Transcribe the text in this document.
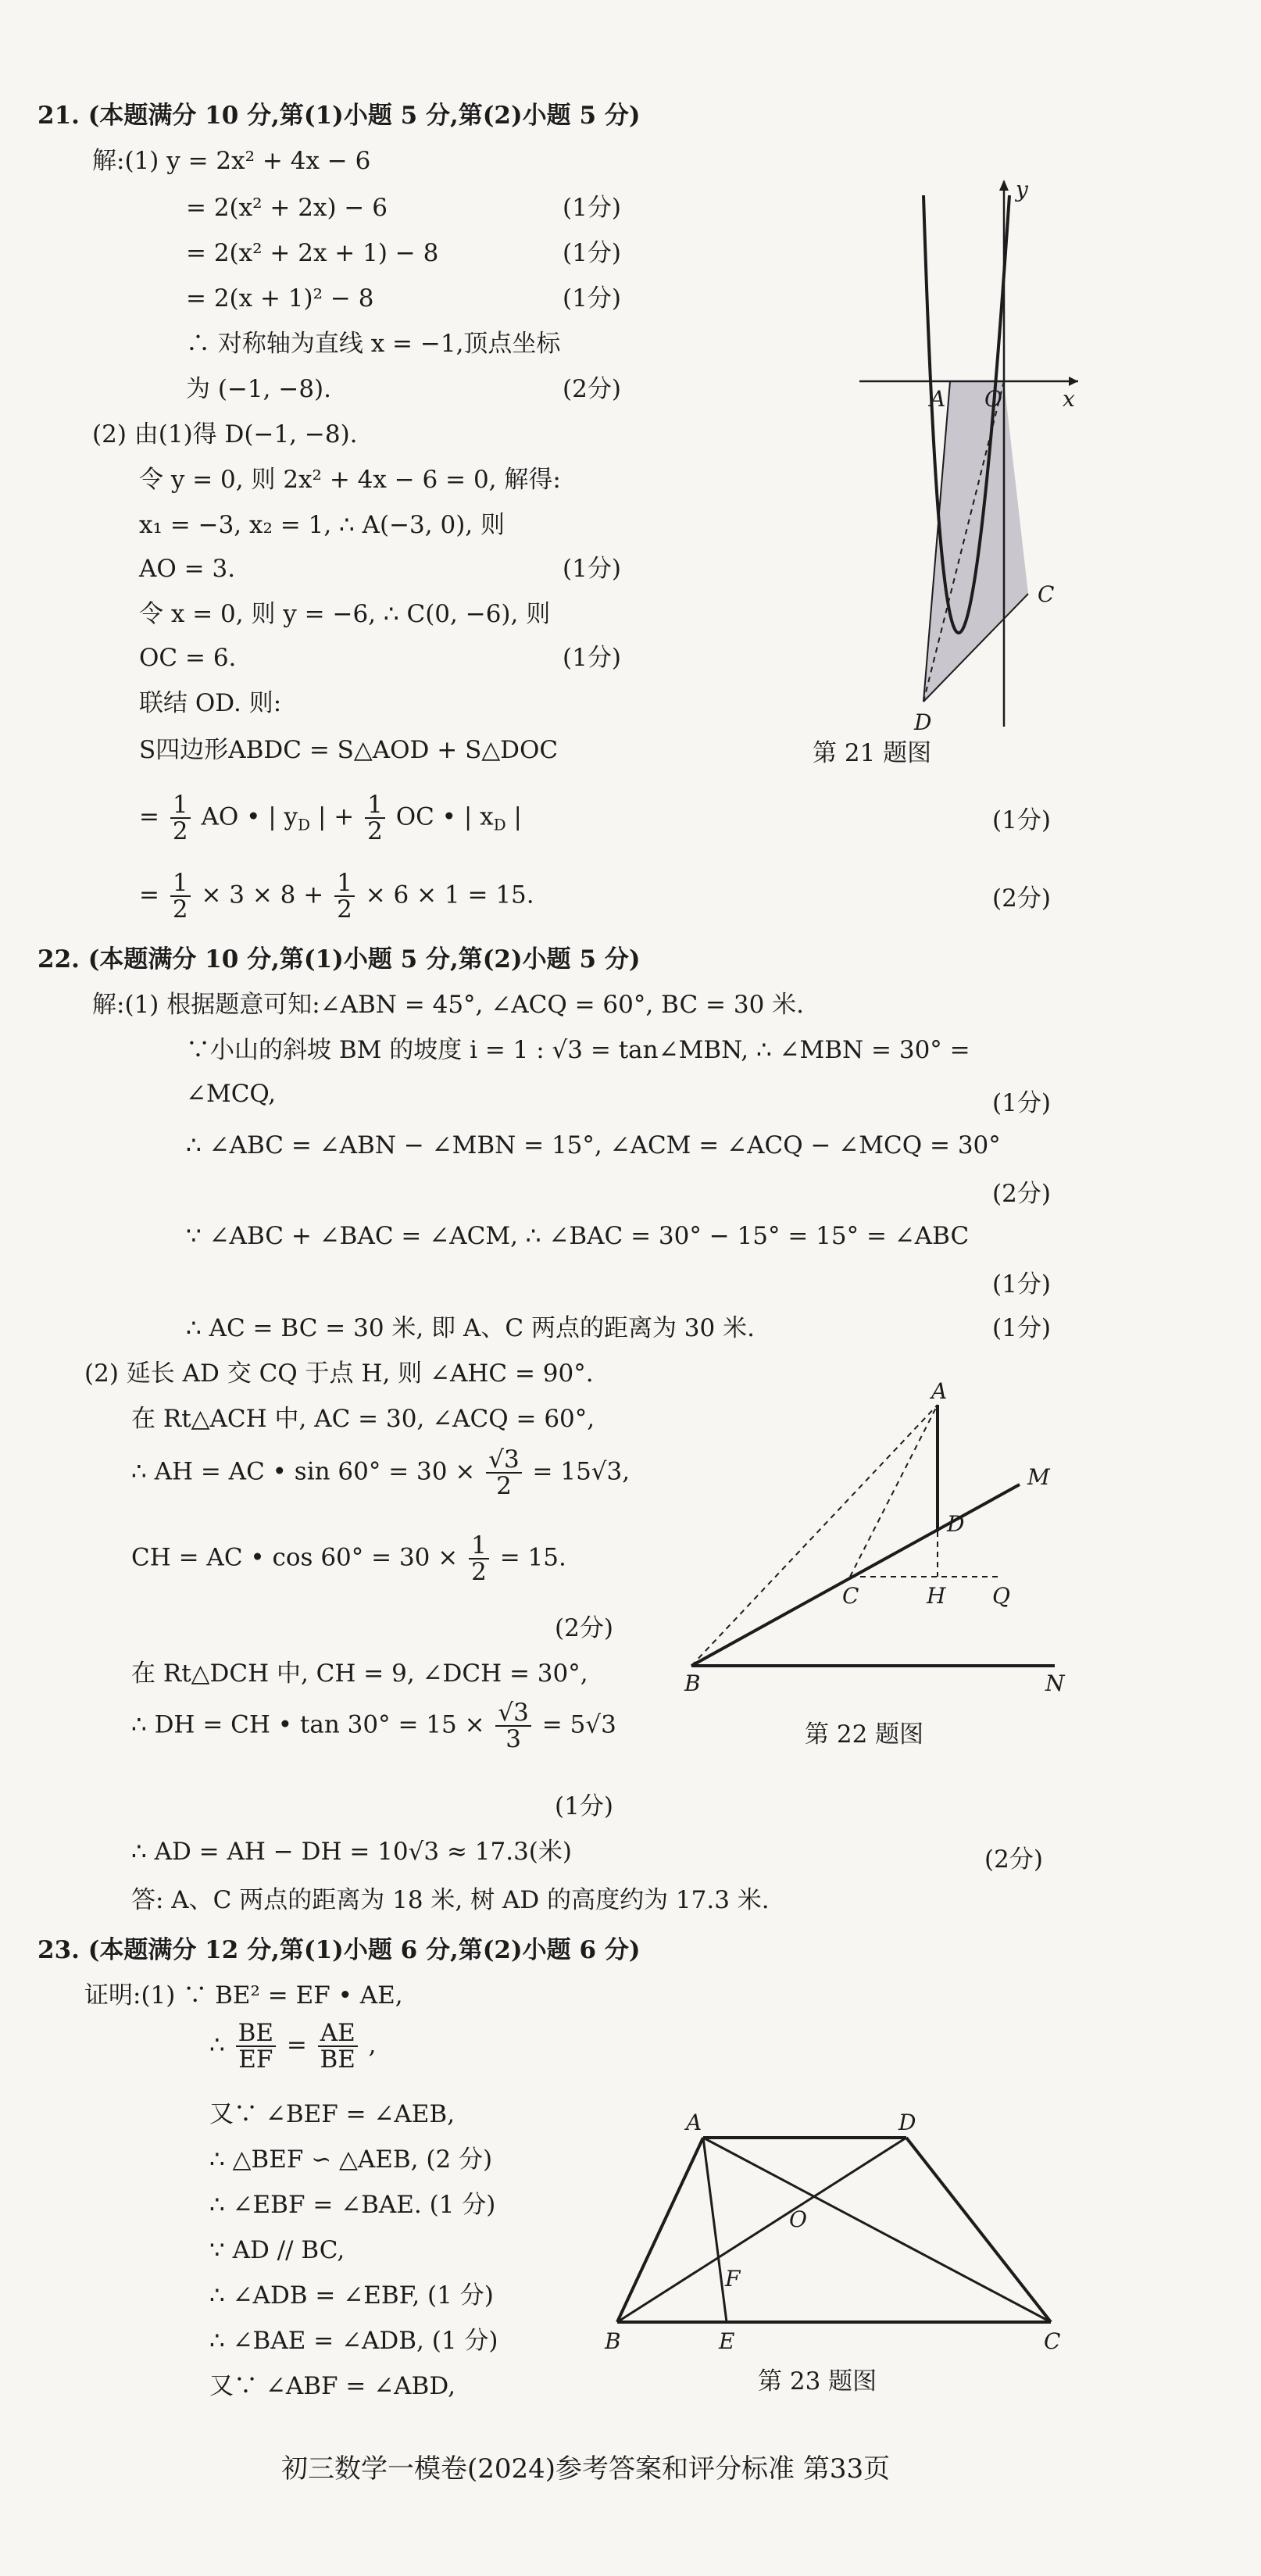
21. (本题满分 10 分,第(1)小题 5 分,第(2)小题 5 分)
解:(1) y = 2x² + 4x − 6
= 2(x² + 2x) − 6	(1分)
= 2(x² + 2x + 1) − 8	(1分)
= 2(x + 1)² − 8	(1分)
∴ 对称轴为直线 x = −1,顶点坐标
为 (−1, −8).	(2分)
(2) 由(1)得 D(−1, −8).
令 y = 0, 则 2x² + 4x − 6 = 0, 解得:
x₁ = −3, x₂ = 1, ∴ A(−3, 0), 则
AO = 3.	(1分)
令 x = 0, 则 y = −6, ∴ C(0, −6), 则
OC = 6.	(1分)
联结 OD. 则:
S四边形ABDC = S△AOD + S△DOC
= $\frac{1}{2}$ AO • | $y_D$ | + $\frac{1}{2}$ OC • | $x_D$ |	(1分)
= $\frac{1}{2} \times 3 \times 8 + \frac{1}{2} \times 6 \times 1 = 15$.	(2分)
y
x
A O
C
D
第 21 题图
22. (本题满分 10 分,第(1)小题 5 分,第(2)小题 5 分)
解:(1) 根据题意可知:∠ABN = 45°, ∠ACQ = 60°, BC = 30 米.
∵小山的斜坡 BM 的坡度 i = 1 : √3 = tan∠MBN, ∴ ∠MBN = 30° =
∠MCQ,	(1分)
∴ ∠ABC = ∠ABN − ∠MBN = 15°, ∠ACM = ∠ACQ − ∠MCQ = 30°
(2分)
∵ ∠ABC + ∠BAC = ∠ACM, ∴ ∠BAC = 30° − 15° = 15° = ∠ABC
(1分)
∴ AC = BC = 30 米, 即 A、C 两点的距离为 30 米.	(1分)
(2) 延长 AD 交 CQ 于点 H, 则 ∠AHC = 90°.
在 Rt△ACH 中, AC = 30, ∠ACQ = 60°,
∴ AH = AC • $\sin 60^\circ = 30 \times \frac{√3}{2} = 15√3$,
CH = AC • $\cos 60^\circ = 30 \times \frac{1}{2} = 15$.
(2分)
在 Rt△DCH 中, CH = 9, ∠DCH = 30°,
∴ DH = CH • $\tan 30^\circ = 15 \times \frac{√3}{3} = 5√3$
(1分)
∴ AD = AH − DH = 10√3 ≈ 17.3(米)	(2分)
答: A、C 两点的距离为 18 米, 树 AD 的高度约为 17.3 米.
A
D
M
C	H Q
B	N
第 22 题图
23. (本题满分 12 分,第(1)小题 6 分,第(2)小题 6 分)
证明:(1) ∵ BE² = EF • AE,
∴ $\frac{BE}{EF} = \frac{AE}{BE}$ ,
又∵ ∠BEF = ∠AEB,
∴ △BEF ∽ △AEB, (2 分)
∴ ∠EBF = ∠BAE. (1 分)
∵ AD // BC,
∴ ∠ADB = ∠EBF, (1 分)
∴ ∠BAE = ∠ADB, (1 分)
又∵ ∠ABF = ∠ABD,
A	D
O
F
B	E	C
第 23 题图
初三数学一模卷(2024)参考答案和评分标准 第33页
